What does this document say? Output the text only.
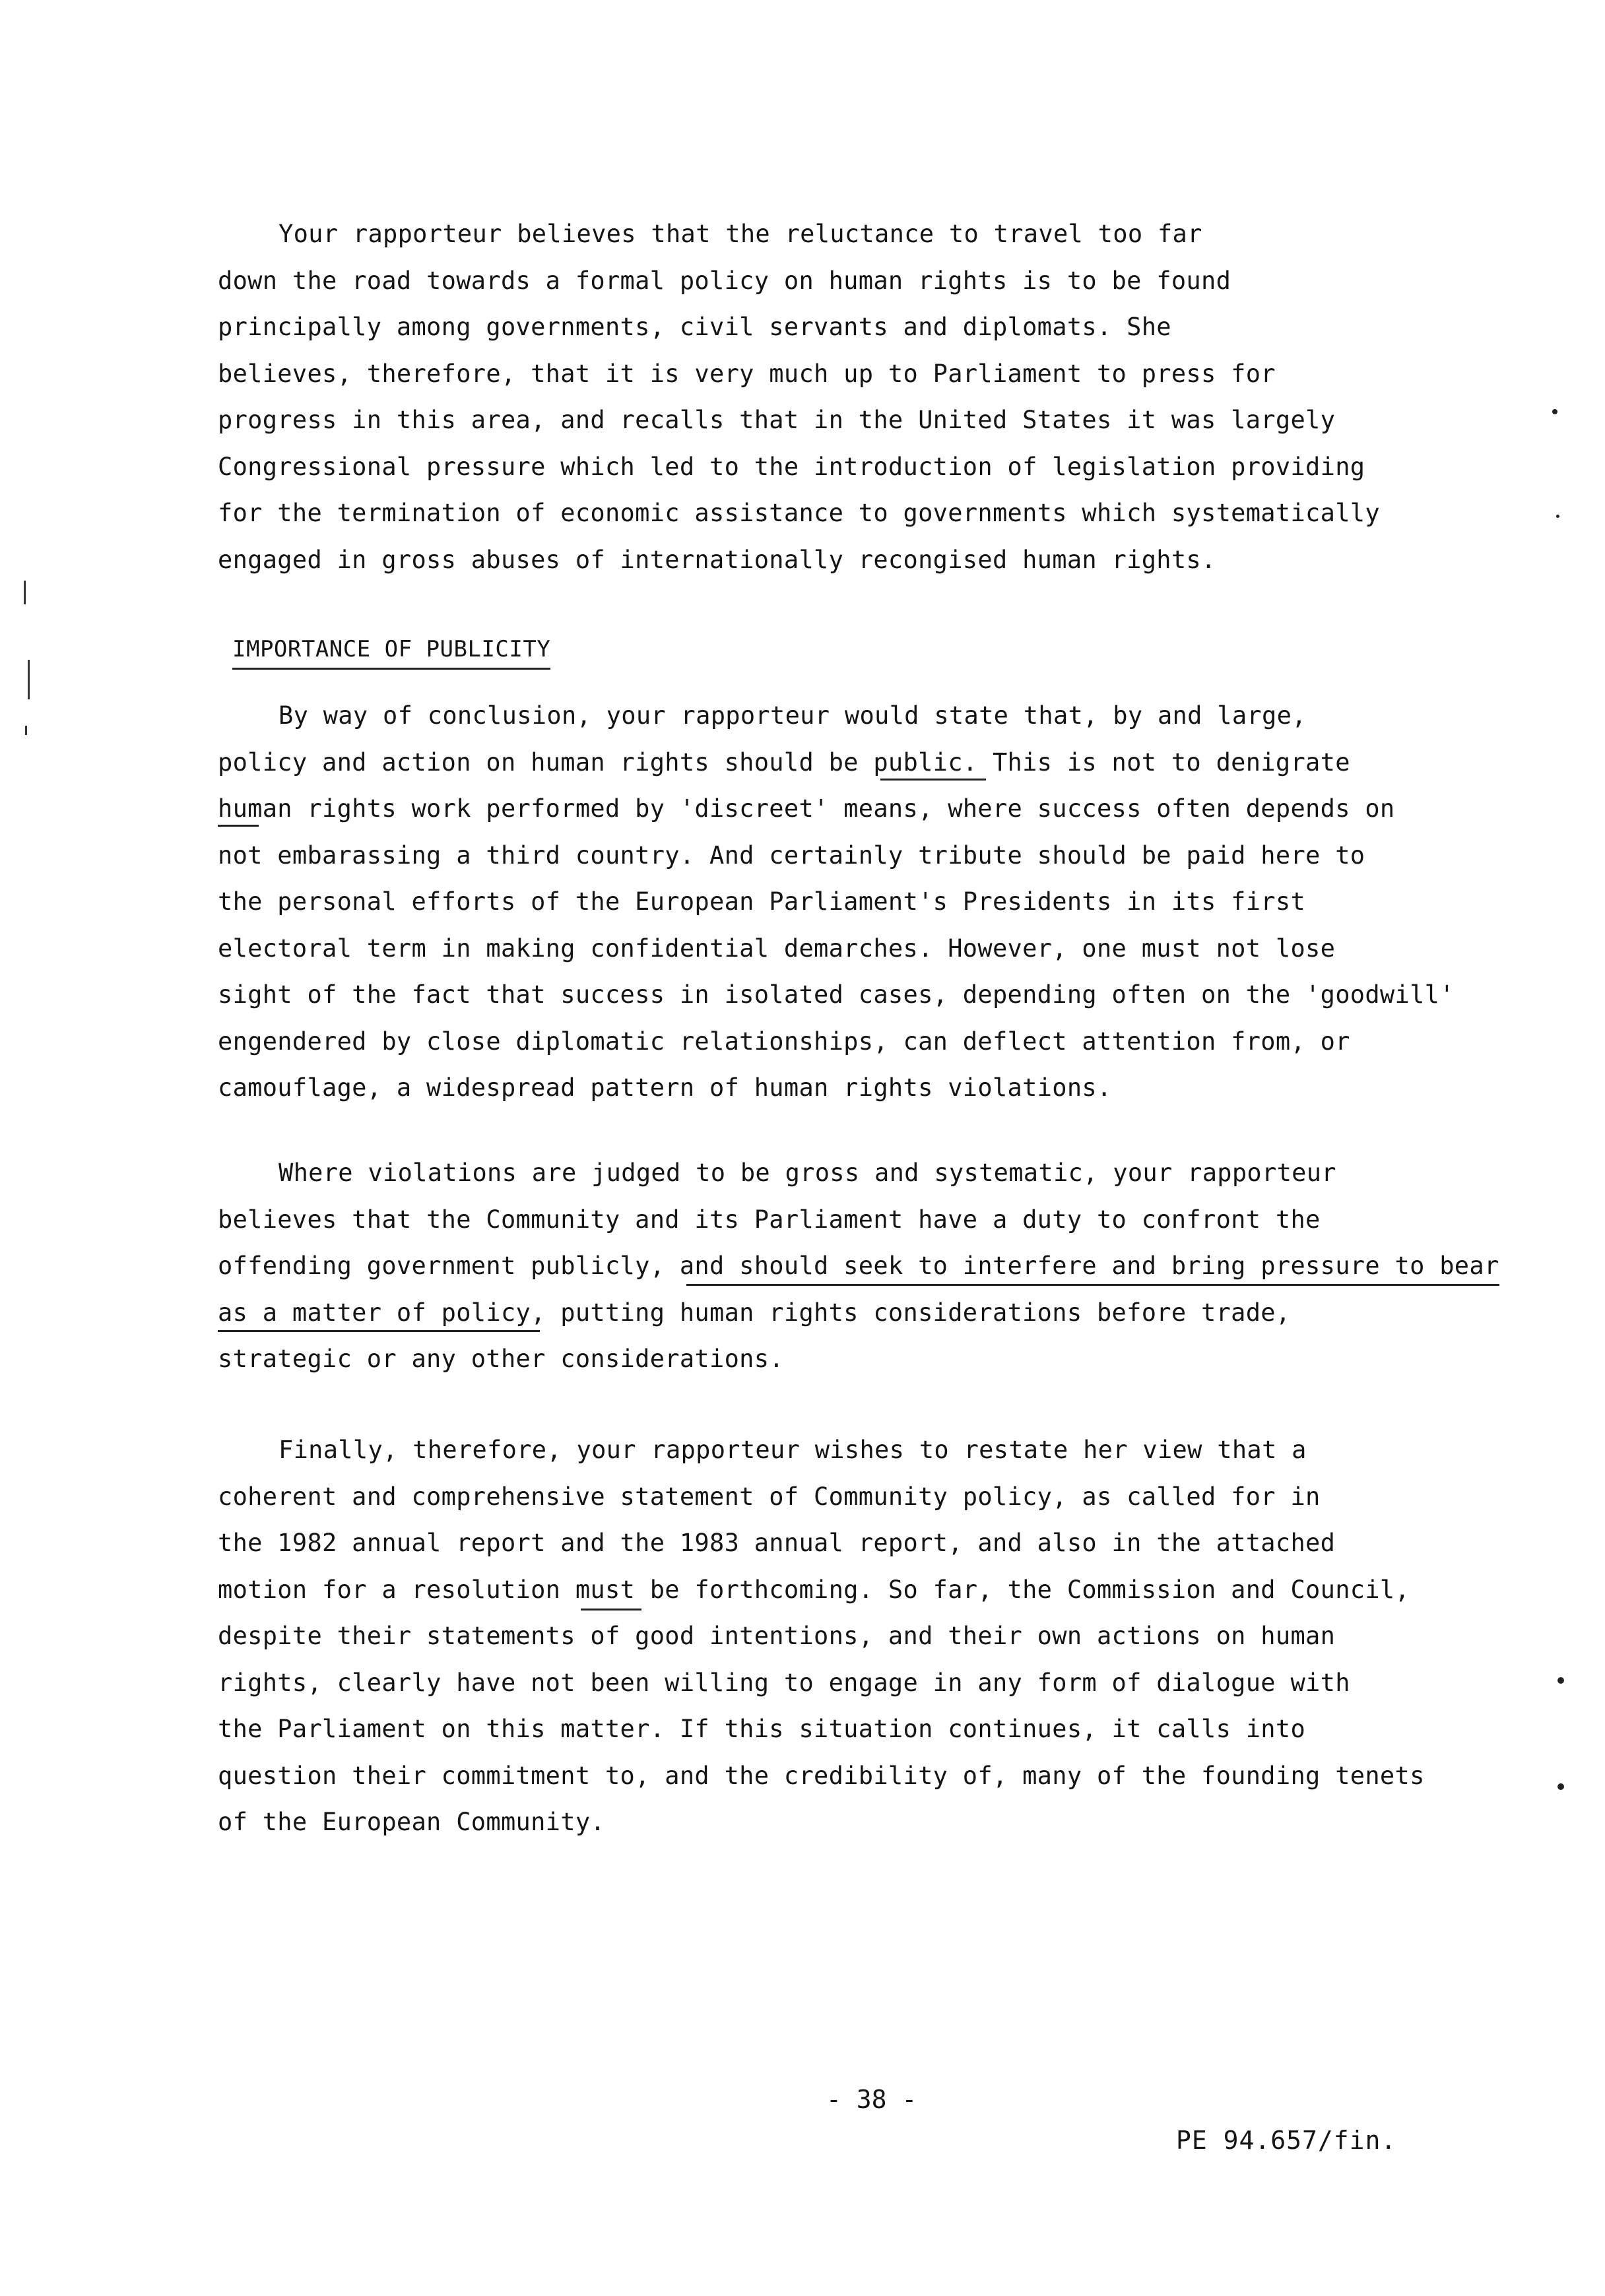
Your rapporteur believes that the reluctance to travel too far
down the road towards a formal policy on human rights is to be found
principally among governments, civil servants and diplomats. She
believes, therefore, that it is very much up to Parliament to press for
progress in this area, and recalls that in the United States it was largely
Congressional pressure which led to the introduction of legislation providing
for the termination of economic assistance to governments which systematically
engaged in gross abuses of internationally recongised human rights.
IMPORTANCE OF PUBLICITY
By way of conclusion, your rapporteur would state that, by and large,
policy and action on human rights should be public. This is not to denigrate
human rights work performed by 'discreet' means, where success often depends on
not embarassing a third country. And certainly tribute should be paid here to
the personal efforts of the European Parliament's Presidents in its first
electoral term in making confidential demarches. However, one must not lose
sight of the fact that success in isolated cases, depending often on the 'goodwill'
engendered by close diplomatic relationships, can deflect attention from, or
camouflage, a widespread pattern of human rights violations.
Where violations are judged to be gross and systematic, your rapporteur
believes that the Community and its Parliament have a duty to confront the
offending government publicly, and should seek to interfere and bring pressure to bear
as a matter of policy, putting human rights considerations before trade,
strategic or any other considerations.
Finally, therefore, your rapporteur wishes to restate her view that a
coherent and comprehensive statement of Community policy, as called for in
the 1982 annual report and the 1983 annual report, and also in the attached
motion for a resolution must be forthcoming. So far, the Commission and Council,
despite their statements of good intentions, and their own actions on human
rights, clearly have not been willing to engage in any form of dialogue with
the Parliament on this matter. If this situation continues, it calls into
question their commitment to, and the credibility of, many of the founding tenets
of the European Community.
- 38 -
PE 94.657/fin.
